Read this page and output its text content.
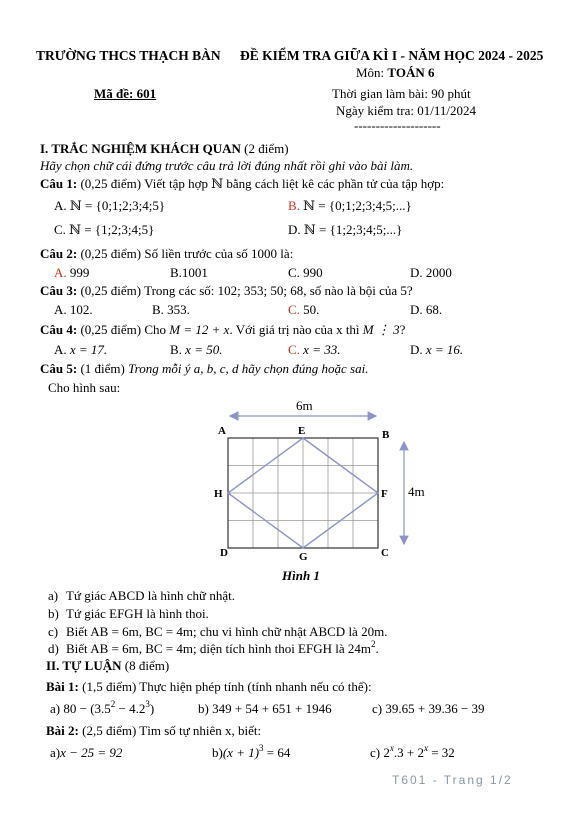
TRƯỜNG THCS THẠCH BÀN ĐỀ KIỂM TRA GIỮA KÌ I - NĂM HỌC 2024 - 2025
Môn: TOÁN 6
Mã đề: 601	Thời gian làm bài: 90 phút
Ngày kiểm tra: 01/11/2024
--------------------
I. TRẮC NGHIỆM KHÁCH QUAN (2 điểm)
Hãy chọn chữ cái đứng trước câu trả lời đúng nhất rồi ghi vào bài làm.
Câu 1: (0,25 điểm) Viết tập hợp ℕ bằng cách liệt kê các phần tử của tập hợp:
A. ℕ = {0;1;2;3;4;5}	B. ℕ = {0;1;2;3;4;5;...}
C. ℕ = {1;2;3;4;5}	D. ℕ = {1;2;3;4;5;...}
Câu 2: (0,25 điểm) Số liền trước của số 1000 là:
A. 999	B.1001	C. 990	D. 2000
Câu 3: (0,25 điểm) Trong các số: 102; 353; 50; 68, số nào là bội của 5?
A. 102.	B. 353.	C. 50.	D. 68.
Câu 4: (0,25 điểm) Cho M = 12 + x. Với giá trị nào của x thì M ⋮ 3?
A. x = 17.	B. x = 50.	C. x = 33.	D. x = 16.
Câu 5: (1 điểm) Trong mỗi ý a, b, c, d hãy chọn đúng hoặc sai.
Cho hình sau:
6m
4m
A	E	B
H	F
D	G	C
Hình 1
a) Tứ giác ABCD là hình chữ nhật.
b) Tứ giác EFGH là hình thoi.
c) Biết AB = 6m, BC = 4m; chu vi hình chữ nhật ABCD là 20m.
d) Biết AB = 6m, BC = 4m; diện tích hình thoi EFGH là $24m^2$.
II. TỰ LUẬN (8 điểm)
Bài 1: (1,5 điểm) Thực hiện phép tính (tính nhanh nếu có thể):
a) $80 - (3.5^2 - 4.2^3)$	b) 349 + 54 + 651 + 1946	c) 39.65 + 39.36 − 39
Bài 2: (2,5 điểm) Tìm số tự nhiên x, biết:
a)x − 25 = 92	$b)(x + 1)^3 = 64$	c) $2^x.3 + 2^x = 32$
T601 - Trang 1/2
